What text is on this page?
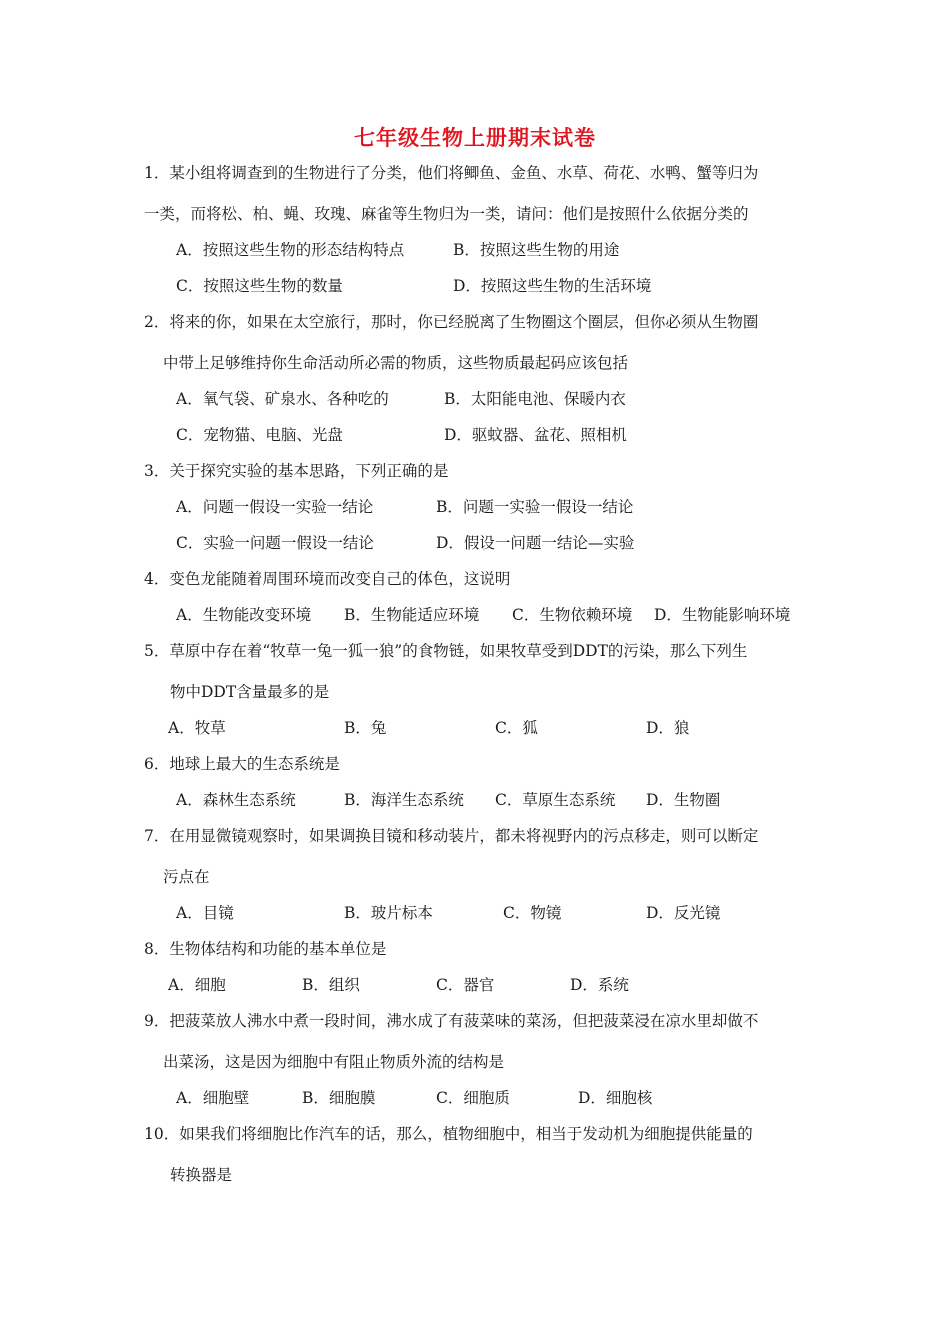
七年级生物上册期末试卷
1．某小组将调查到的生物进行了分类，他们将鲫鱼、金鱼、水草、荷花、水鸭、蟹等归为
一类，而将松、柏、蝇、玫瑰、麻雀等生物归为一类，请问：他们是按照什么依据分类的
A．按照这些生物的形态结构特点	B．按照这些生物的用途
C．按照这些生物的数量	D．按照这些生物的生活环境
2．将来的你，如果在太空旅行，那时，你已经脱离了生物圈这个圈层，但你必须从生物圈
中带上足够维持你生命活动所必需的物质，这些物质最起码应该包括
A．氧气袋、矿泉水、各种吃的	B．太阳能电池、保暖内衣
C．宠物猫、电脑、光盘	D．驱蚊器、盆花、照相机
3．关于探究实验的基本思路，下列正确的是
A．问题一假设一实验一结论	B．问题一实验一假设一结论
C．实验一问题一假设一结论	D．假设一问题一结论—实验
4．变色龙能随着周围环境而改变自己的体色，这说明
A．生物能改变环境 B．生物能适应环境 C．生物依赖环境 D．生物能影响环境
5．草原中存在着“牧草一兔一狐一狼”的食物链，如果牧草受到DDT的污染，那么下列生
物中DDT含量最多的是
A．牧草	B．兔	C．狐	D．狼
6．地球上最大的生态系统是
A．森林生态系统	B．海洋生态系统 C．草原生态系统 D．生物圈
7．在用显微镜观察时，如果调换目镜和移动装片，都未将视野内的污点移走，则可以断定
污点在
A．目镜	B．玻片标本	C．物镜	D．反光镜
8．生物体结构和功能的基本单位是
A．细胞	B．组织	C．器官	D．系统
9．把菠菜放人沸水中煮一段时间，沸水成了有菠菜味的菜汤，但把菠菜浸在凉水里却做不
出菜汤，这是因为细胞中有阻止物质外流的结构是
A．细胞壁	B．细胞膜	C．细胞质	D．细胞核
10．如果我们将细胞比作汽车的话，那么，植物细胞中，相当于发动机为细胞提供能量的
转换器是
